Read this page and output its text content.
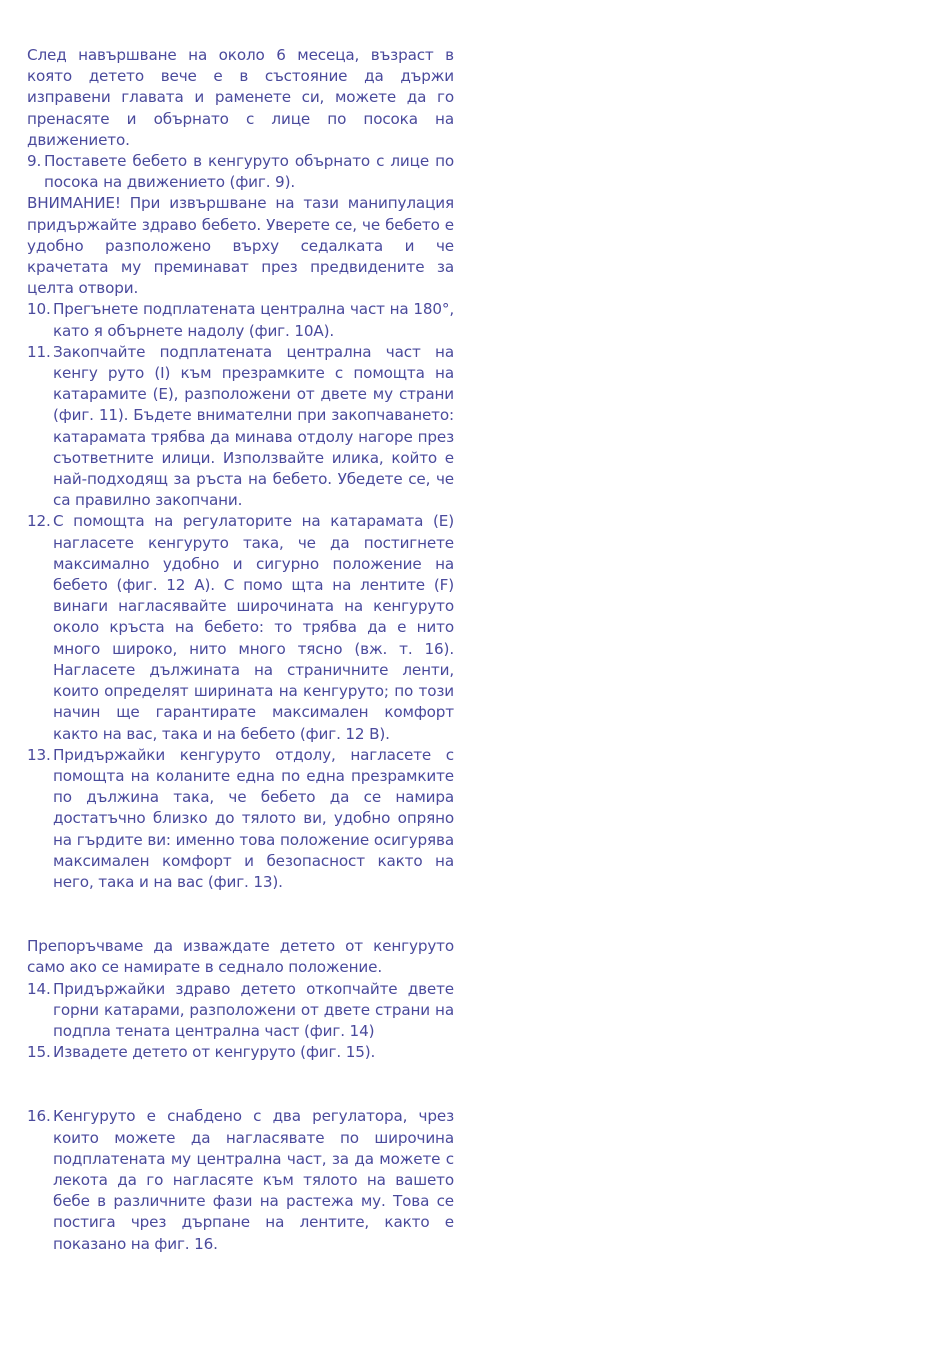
След навършване на около 6 месеца, възраст в която детето вече е в състояние да държи изправени главата и раменете си, можете да го пренасяте и обърнато с лице по посока на движението.

9. Поставете бебето в кенгуруто обърнато с лице по посока на движението (фиг. 9).

ВНИМАНИЕ! При извършване на тази манипулация придържайте здраво бебето. Уверете се, че бебето е удобно разположено върху седалката и че крачетата му преминават през предвидените за целта отвори.

10. Прегънете подплатената централна част на 180°, като я обърнете надолу (фиг. 10А).
11. Закопчайте подплатената централна част на кенгу руто (I) към презрамките с помощта на катарамите (E), разположени от двете му страни (фиг. 11). Бъдете внимателни при закопчаването: катарамата трябва да минава отдолу нагоре през съответните илици. Използвайте илика, който е най-подходящ за ръста на бебето. Убедете се, че са правилно закопчани.
12. С помощта на регулаторите на катарамата (Е) нагласете кенгуруто така, че да постигнете максимално удобно и сигурно положение на бебето (фиг. 12 А). С помо щта на лентите (F) винаги нагласявайте широчината на кенгуруто около кръста на бебето: то трябва да е нито много широко, нито много тясно (вж. т. 16). Нагласете дължината на страничните ленти, които определят ширината на кенгуруто; по този начин ще гарантирате максимален комфорт както на вас, така и на бебето (фиг. 12 B).
13. Придържайки кенгуруто отдолу, нагласете с помощта на коланите една по една презрамките по дължина така, че бебето да се намира достатъчно близко до тялото ви, удобно опряно на гърдите ви: именно това положение осигурява максимален комфорт и безопасност както на него, така и на вас (фиг. 13).

Препоръчваме да изваждате детето от кенгуруто само ако се намирате в седнало положение.

14. Придържайки здраво детето откопчайте двете горни катарами, разположени от двете страни на подпла тената централна част (фиг. 14)
15. Извадете детето от кенгуруто (фиг. 15).
16. Кенгуруто е снабдено с два регулатора, чрез които можете да нагласявате по широчина подплатената му централна част, за да можете с лекота да го нагласяте към тялото на вашето бебе в различните фази на растежа му. Това се постига чрез дърпане на лентите, както е показано на фиг. 16.
